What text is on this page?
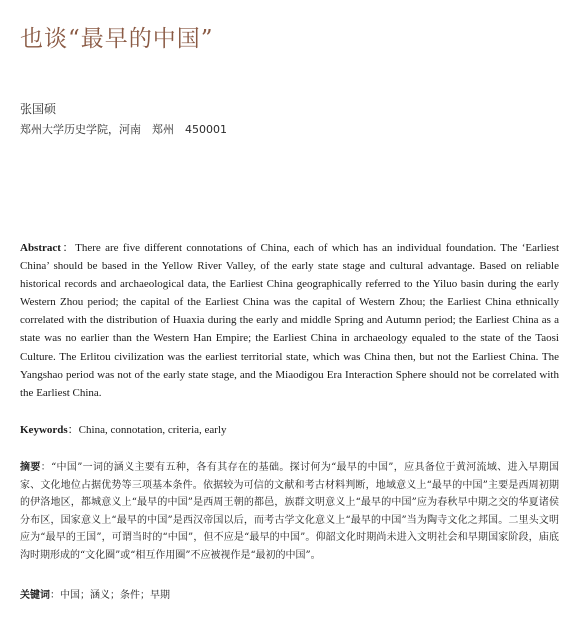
也谈“最早的中国”
张国硕
郑州大学历史学院，河南　郑州　450001
Abstract：There are five different connotations of China, each of which has an individual foundation. The ‘Earliest China’ should be based in the Yellow River Valley, of the early state stage and cultural advantage. Based on reliable historical records and archaeological data, the Earliest China geographically referred to the Yiluo basin during the early Western Zhou period; the capital of the Earliest China was the capital of Western Zhou; the Earliest China ethnically correlated with the distribution of Huaxia during the early and middle Spring and Autumn period; the Earliest China as a state was no earlier than the Western Han Empire; the Earliest China in archaeology equaled to the state of the Taosi Culture. The Erlitou civilization was the earliest territorial state, which was China then, but not the Earliest China. The Yangshao period was not of the early state stage, and the Miaodigou Era Interaction Sphere should not be correlated with the Earliest China.
Keywords：China, connotation, criteria, early
摘要：“中国”一词的涵义主要有五种，各有其存在的基础。探讨何为“最早的中国”，应具备位于黄河流域、进入早期国家、文化地位占据优势等三项基本条件。依据较为可信的文献和考古材料判断，地域意义上“最早的中国”主要是西周初期的伊洛地区，都城意义上“最早的中国”是西周王朝的都邑，族群文明意义上“最早的中国”应为春秋早中期之交的华夏诸侯分布区，国家意义上“最早的中国”是西汉帝国以后，而考古学文化意义上“最早的中国”当为陶寺文化之邦国。二里头文明应为“最早的王国”，可谓当时的“中国”，但不应是“最早的中国”。仰韶文化时期尚未进入文明社会和早期国家阶段，庙底沟时期形成的“文化圈”或“相互作用圈”不应被视作是“最初的中国”。
关键词：中国；涵义；条件；早期
